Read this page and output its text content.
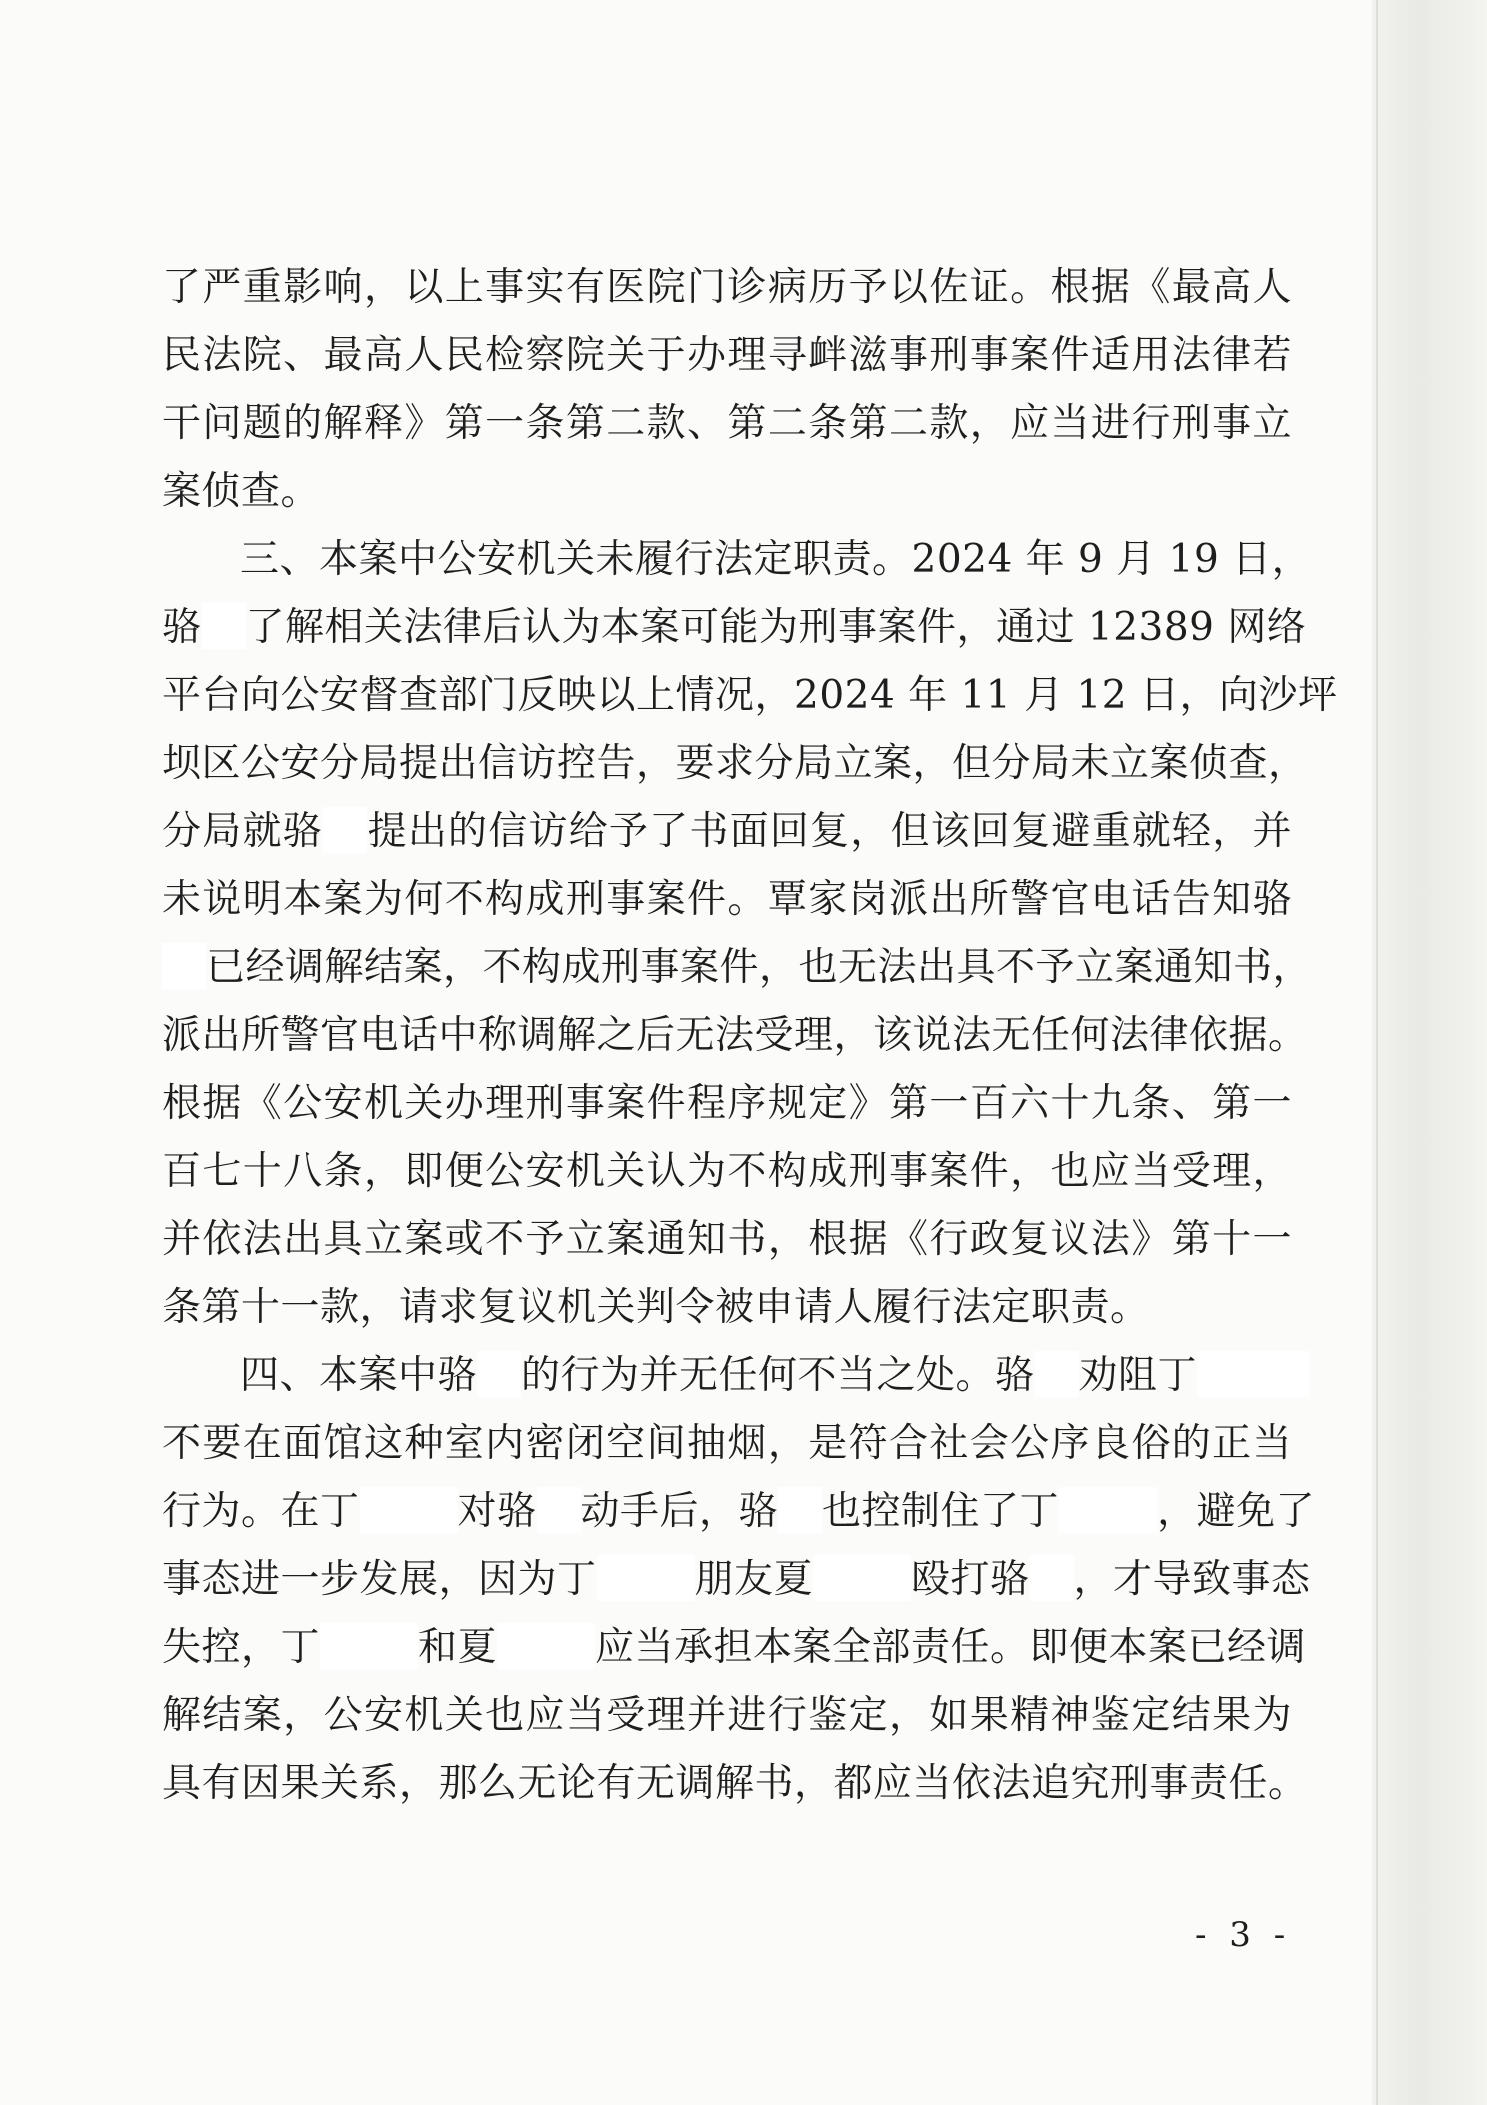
了严重影响，以上事实有医院门诊病历予以佐证。根据《最高人
民法院、最高人民检察院关于办理寻衅滋事刑事案件适用法律若
干问题的解释》第一条第二款、第二条第二款，应当进行刑事立
案侦查。
三、本案中公安机关未履行法定职责。2024 年 9 月 19 日，
骆 了解相关法律后认为本案可能为刑事案件，通过 12389 网络
平台向公安督查部门反映以上情况，2024 年 11 月 12 日，向沙坪
坝区公安分局提出信访控告，要求分局立案，但分局未立案侦查，
分局就骆 提出的信访给予了书面回复，但该回复避重就轻，并
未说明本案为何不构成刑事案件。覃家岗派出所警官电话告知骆
已经调解结案，不构成刑事案件，也无法出具不予立案通知书，
派出所警官电话中称调解之后无法受理，该说法无任何法律依据。
根据《公安机关办理刑事案件程序规定》第一百六十九条、第一
百七十八条，即便公安机关认为不构成刑事案件，也应当受理，
并依法出具立案或不予立案通知书，根据《行政复议法》第十一
条第十一款，请求复议机关判令被申请人履行法定职责。
四、本案中骆 的行为并无任何不当之处。骆 劝阻丁
不要在面馆这种室内密闭空间抽烟，是符合社会公序良俗的正当
行为。在丁	对骆 动手后，骆 也控制住了丁	，避免了
事态进一步发展，因为丁	朋友夏	殴打骆 ，才导致事态
失控，丁	和夏	应当承担本案全部责任。即便本案已经调
解结案，公安机关也应当受理并进行鉴定，如果精神鉴定结果为
具有因果关系，那么无论有无调解书，都应当依法追究刑事责任。
- 3 -
